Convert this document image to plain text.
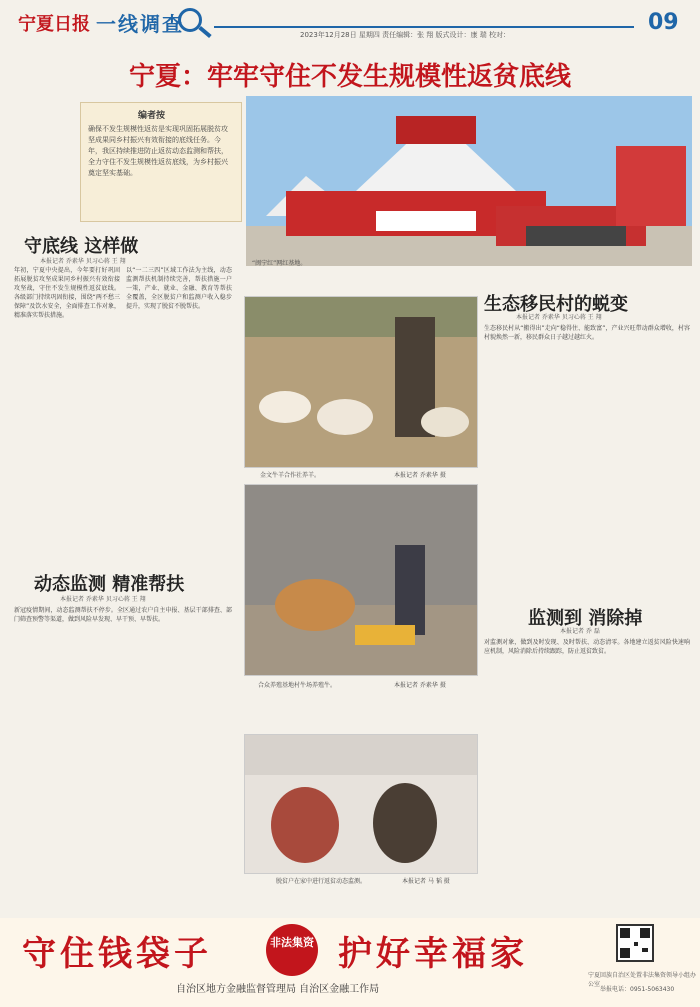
宁夏日报 一线调查	2023年12月28日 星期四 责任编辑：张 翔 版式设计：康 瑞 校对：	09
宁夏：牢牢守住不发生规模性返贫底线
编者按
确保不发生规模性返贫是实现巩固拓展脱贫攻坚成果同乡村振兴有效衔接的底线任务。今年，我区持续推进防止返贫动态监测和帮扶，全力守住不发生规模性返贫底线，为乡村振兴奠定坚实基础。
“闽宁红”网红基地。
守底线 这样做
本报记者 乔素华 贝习心蒋 王 翔
年初，宁夏中央提出，今年要打好巩固拓展脱贫攻坚成果同乡村振兴有效衔接攻坚战，守住不发生规模性返贫底线。各级部门持续巩固衔接，围绕“两不愁三保障”及饮水安全，全面排查工作对象，精准落实帮扶措施。
以“一二三四”区域工作法为主线，动态监测帮扶机制持续完善，帮扶措施一户一策，产业、就业、金融、教育等帮扶全覆盖，全区脱贫户和监测户收入稳步提升，实现了脱贫不脱帮扶。
动态监测 精准帮扶
本报记者 乔素华 贝习心蒋 王 翔
新冠疫情期间，动态监测帮扶不停步。全区通过农户自主申报、基层干部排查、部门筛查预警等渠道，做到风险早发现、早干预、早帮扶。
金文牛羊合作社养羊。	本报记者 乔素华 摄
合众养殖基地村牛场养殖牛。	本报记者 乔素华 摄
脱贫户在家中进行返贫动态监测。	本报记者 马 韬 摄
生态移民村的蜕变
本报记者 乔素华 贝习心蒋 王 翔
生态移民村从“搬得出”走向“稳得住、能致富”，产业兴旺带动群众增收，村容村貌焕然一新，移民群众日子越过越红火。
监测到 消除掉
本报记者 乔 磊
对监测对象，做到及时发现、及时帮扶、动态清零。各地建立返贫风险快速响应机制，风险消除后持续跟踪，防止返贫致贫。
守住钱袋子	非法集资 护好幸福家
自治区地方金融监督管理局 自治区金融工作局
宁夏回族自治区处置非法集资领导小组办公室
举报电话：0951-5063430
